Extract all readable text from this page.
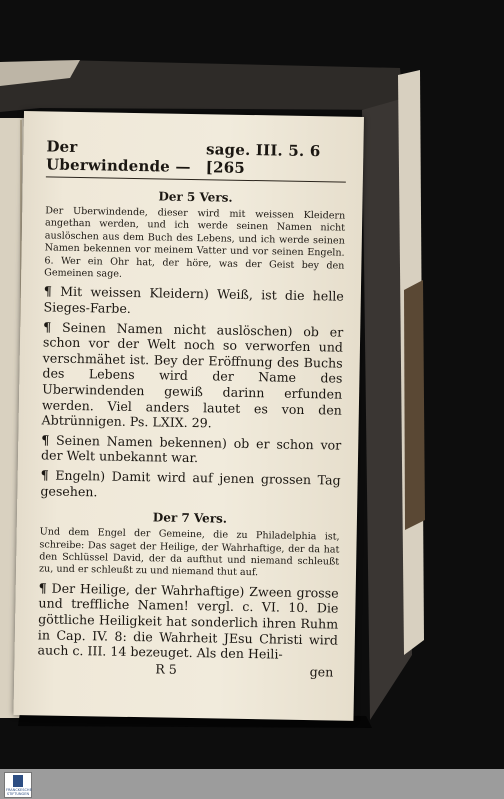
Der Uberwindende —
sage. III. 5. 6 [265
Der 5 Vers.

Der Uberwindende, dieser wird mit weissen Kleidern angethan werden, und ich werde seinen Namen nicht auslöschen aus dem Buch des Lebens, und ich werde seinen Namen bekennen vor meinem Vatter und vor seinen Engeln. 6. Wer ein Ohr hat, der höre, was der Geist bey den Gemeinen sage.

¶ Mit weissen Kleidern) Weiß, ist die helle Sieges-Farbe.

¶ Seinen Namen nicht auslöschen) ob er schon vor der Welt noch so verworfen und verschmähet ist. Bey der Eröffnung des Buchs des Lebens wird der Name des Uberwindenden gewiß darinn erfunden werden. Viel anders lautet es von den Abtrünnigen. Ps. LXIX. 29.

¶ Seinen Namen bekennen) ob er schon vor der Welt unbekannt war.

¶ Engeln) Damit wird auf jenen grossen Tag gesehen.

Der 7 Vers.

Und dem Engel der Gemeine, die zu Philadelphia ist, schreibe: Das saget der Heilige, der Wahrhaftige, der da hat den Schlüssel David, der da aufthut und niemand schleußt zu, und er schleußt zu und niemand thut auf.

¶ Der Heilige, der Wahrhaftige) Zween grosse und treffliche Namen! vergl. c. VI. 10. Die göttliche Heiligkeit hat sonderlich ihren Ruhm in Cap. IV. 8: die Wahrheit JEsu Christi wird auch c. III. 14 bezeuget. Als den Heili-

R 5	gen
FRANCKESCHE STIFTUNGEN
